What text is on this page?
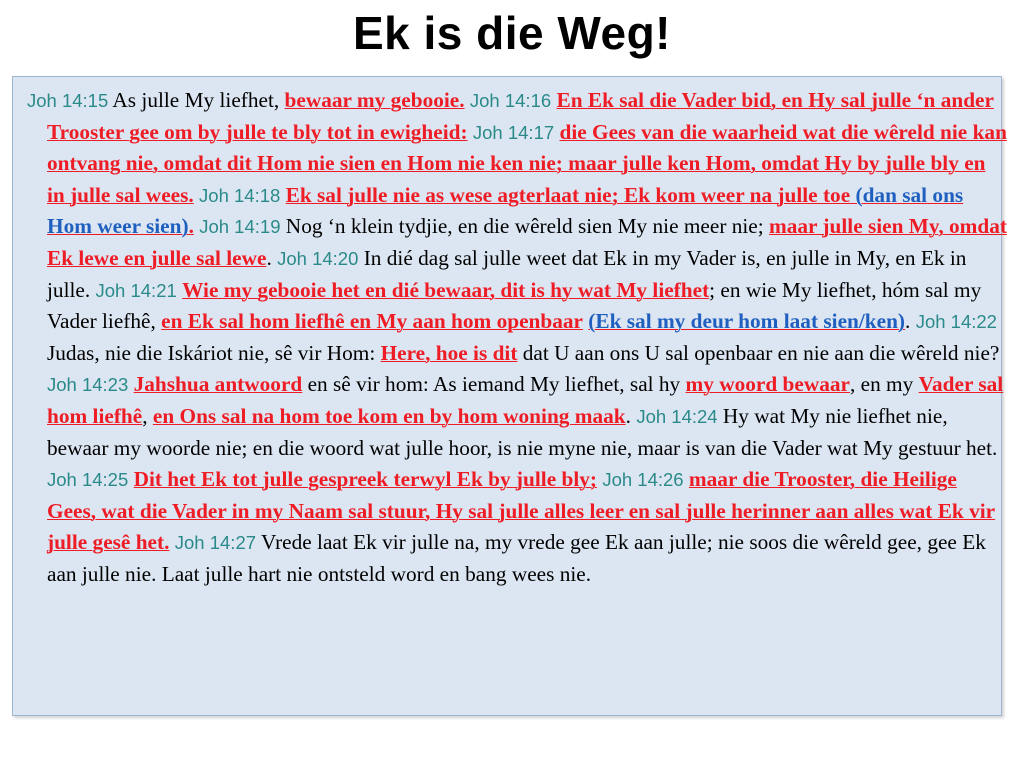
Ek is die Weg!
Joh 14:15 As julle My liefhet, bewaar my gebooie. Joh 14:16 En Ek sal die Vader bid, en Hy sal julle ‘n ander Trooster gee om by julle te bly tot in ewigheid: Joh 14:17 die Gees van die waarheid wat die wêreld nie kan ontvang nie, omdat dit Hom nie sien en Hom nie ken nie; maar julle ken Hom, omdat Hy by julle bly en in julle sal wees. Joh 14:18 Ek sal julle nie as wese agterlaat nie; Ek kom weer na julle toe (dan sal ons Hom weer sien). Joh 14:19 Nog ‘n klein tydjie, en die wêreld sien My nie meer nie; maar julle sien My, omdat Ek lewe en julle sal lewe. Joh 14:20 In dié dag sal julle weet dat Ek in my Vader is, en julle in My, en Ek in julle. Joh 14:21 Wie my gebooie het en dié bewaar, dit is hy wat My liefhet; en wie My liefhet, hóm sal my Vader liefhê, en Ek sal hom liefhê en My aan hom openbaar (Ek sal my deur hom laat sien/ken). Joh 14:22 Judas, nie die Iskáriot nie, sê vir Hom: Here, hoe is dit dat U aan ons U sal openbaar en nie aan die wêreld nie? Joh 14:23 Jahshua antwoord en sê vir hom: As iemand My liefhet, sal hy my woord bewaar, en my Vader sal hom liefhê, en Ons sal na hom toe kom en by hom woning maak. Joh 14:24 Hy wat My nie liefhet nie, bewaar my woorde nie; en die woord wat julle hoor, is nie myne nie, maar is van die Vader wat My gestuur het. Joh 14:25 Dit het Ek tot julle gespreek terwyl Ek by julle bly; Joh 14:26 maar die Trooster, die Heilige Gees, wat die Vader in my Naam sal stuur, Hy sal julle alles leer en sal julle herinner aan alles wat Ek vir julle gesê het. Joh 14:27 Vrede laat Ek vir julle na, my vrede gee Ek aan julle; nie soos die wêreld gee, gee Ek aan julle nie. Laat julle hart nie ontsteld word en bang wees nie.
